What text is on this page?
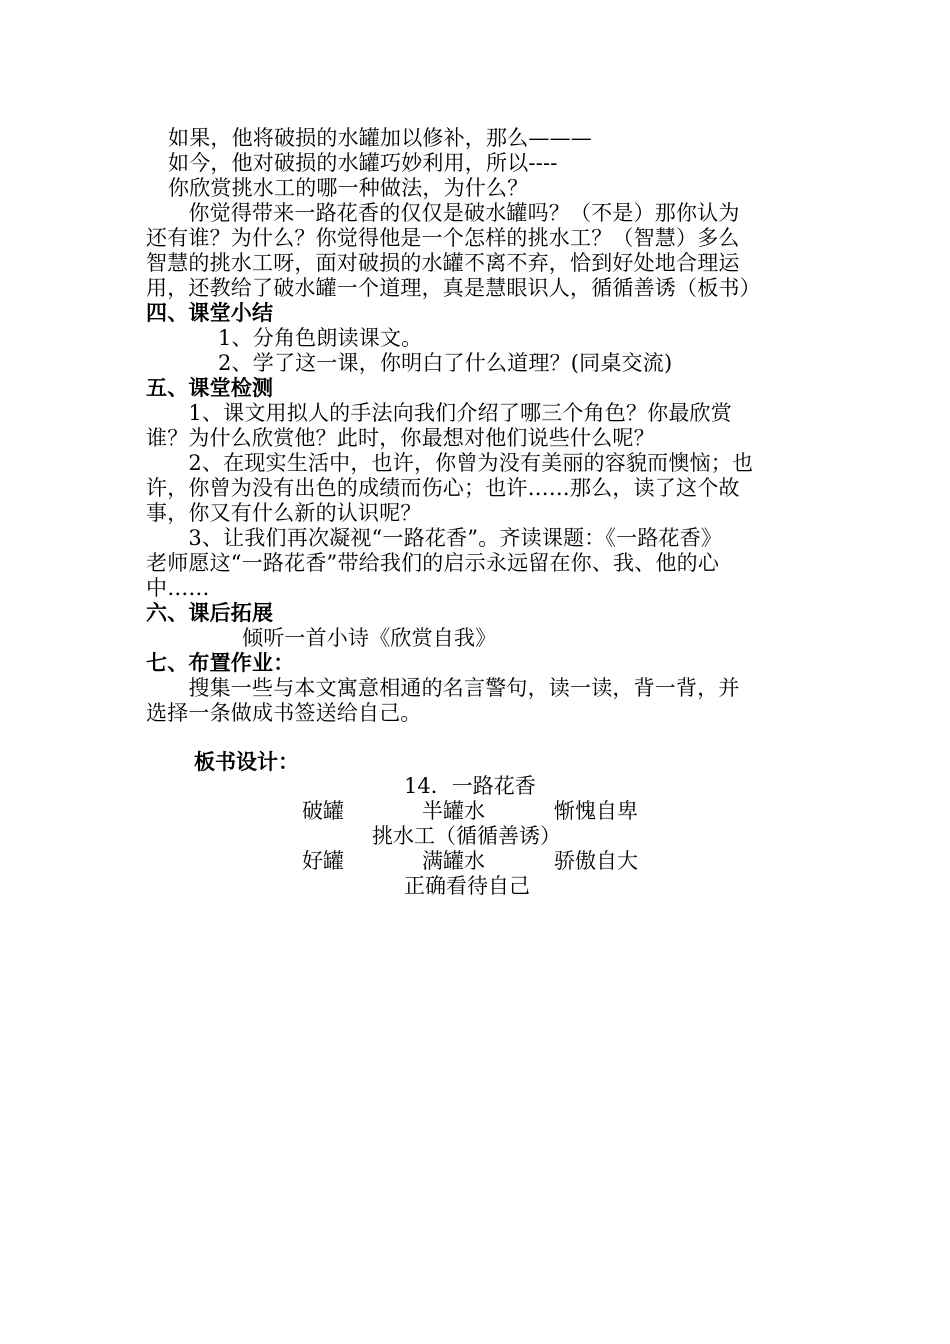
如果，他将破损的水罐加以修补，那么———
如今，他对破损的水罐巧妙利用，所以----
你欣赏挑水工的哪一种做法，为什么？
　　你觉得带来一路花香的仅仅是破水罐吗？（不是）那你认为
还有谁？为什么？你觉得他是一个怎样的挑水工？（智慧）多么
智慧的挑水工呀，面对破损的水罐不离不弃，恰到好处地合理运
用，还教给了破水罐一个道理，真是慧眼识人，循循善诱（板书）
四、课堂小结
1、分角色朗读课文。
2、学了这一课，你明白了什么道理？(同桌交流)
五、课堂检测
　　1、课文用拟人的手法向我们介绍了哪三个角色？你最欣赏
谁？为什么欣赏他？此时，你最想对他们说些什么呢？
　　2、在现实生活中，也许，你曾为没有美丽的容貌而懊恼；也
许，你曾为没有出色的成绩而伤心；也许……那么，读了这个故
事，你又有什么新的认识呢？
　　3、让我们再次凝视“一路花香”。齐读课题：《一路花香》
老师愿这“一路花香”带给我们的启示永远留在你、我、他的心
中……
六、课后拓展
倾听一首小诗《欣赏自我》
七、布置作业：
　　搜集一些与本文寓意相通的名言警句，读一读，背一背，并
选择一条做成书签送给自己。
板书设计：
14．一路花香
破罐	半罐水	惭愧自卑
挑水工（循循善诱）
好罐	满罐水	骄傲自大
正确看待自己
